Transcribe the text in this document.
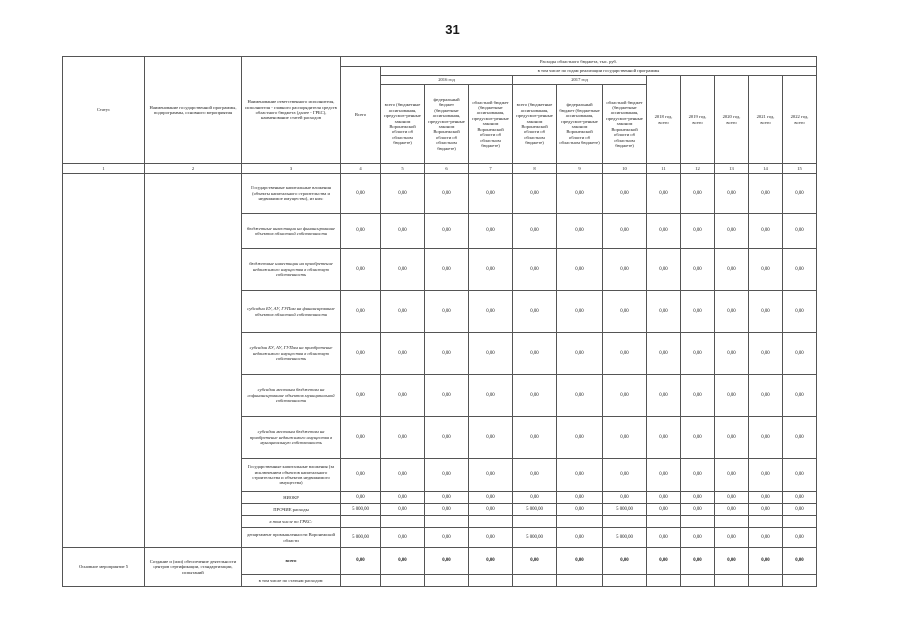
31
Статус	Наименование государственной программы, подпрограммы, основного мероприятия	Наименование ответственного исполнителя, исполнителя - главного распорядителя средств областного бюджета (далее - ГРБС), наименование статей расходов	Расходы областного бюджета, тыс. руб.											
			Всего	в том числе по годам реализации государственной программы										
				2016 год			2017 год			2018 год, всего	2019 год, всего	2020 год, всего	2021 год, всего	2022 год, всего
				всего (бюджетные ассигнования, предусмот-ренные законом Воронежской области об областном бюджете)	федеральный бюджет (бюджетные ассигнования, предусмот-ренные законом Воронежской области об областном бюджете)	областной бюджет (бюджетные ассигнования, предусмот-ренные законом Воронежской области об областном бюджете)	всего (бюджетные ассигнования, предусмот-ренные законом Воронежской области об областном бюджете)	федеральный бюджет (бюджетные ассигнования, предусмот-ренные законом Воронежской области об областном бюджете)	областной бюджет (бюджетные ассигнования, предусмот-ренные законом Воронежской области об областном бюджете)					
1	2	3	4	5	6	7	8	9	10	11	12	13	14	15
		Государственные капитальные вложения (объекты капитального строительства и недвижимое имущество), из них:	0,00	0,00	0,00	0,00	0,00	0,00	0,00	0,00	0,00	0,00	0,00	0,00
		бюджетные инвестиции на финансирование объектов областной собственности	0,00	0,00	0,00	0,00	0,00	0,00	0,00	0,00	0,00	0,00	0,00	0,00
		бюджетные инвестиции на приобретение недвижимого имущества в областную собственность	0,00	0,00	0,00	0,00	0,00	0,00	0,00	0,00	0,00	0,00	0,00	0,00
		субсидии БУ, АУ, ГУПам на финансирование объектов областной собственности	0,00	0,00	0,00	0,00	0,00	0,00	0,00	0,00	0,00	0,00	0,00	0,00
		субсидии БУ, АУ, ГУПам на приобретение недвижимого имущества в областную собственность	0,00	0,00	0,00	0,00	0,00	0,00	0,00	0,00	0,00	0,00	0,00	0,00
		субсидии местным бюджетам на софинансирование объектов муниципальной собственности	0,00	0,00	0,00	0,00	0,00	0,00	0,00	0,00	0,00	0,00	0,00	0,00
		субсидии местным бюджетам на приобретение недвижимого имущества в муниципальную собственность	0,00	0,00	0,00	0,00	0,00	0,00	0,00	0,00	0,00	0,00	0,00	0,00
		Государственные капитальные вложения (за исключением объектов капитального строительства и объектов недвижимого имущества)	0,00	0,00	0,00	0,00	0,00	0,00	0,00	0,00	0,00	0,00	0,00	0,00
		НИОКР	0,00	0,00	0,00	0,00	0,00	0,00	0,00	0,00	0,00	0,00	0,00	0,00
		ПРОЧИЕ расходы	5 000,00	0,00	0,00	0,00	5 000,00	0,00	5 000,00	0,00	0,00	0,00	0,00	0,00
		в том числе по ГРБС:												
		департамент промышленности Воронежской области	5 000,00	0,00	0,00	0,00	5 000,00	0,00	5 000,00	0,00	0,00	0,00	0,00	0,00
Основное мероприятие 5	Создание и (или) обеспечение деятельности центров сертификации, стандартизации, испытаний	всего	0,00	0,00	0,00	0,00	0,00	0,00	0,00	0,00	0,00	0,00	0,00	0,00
		в том числе по статьям расходов:												
